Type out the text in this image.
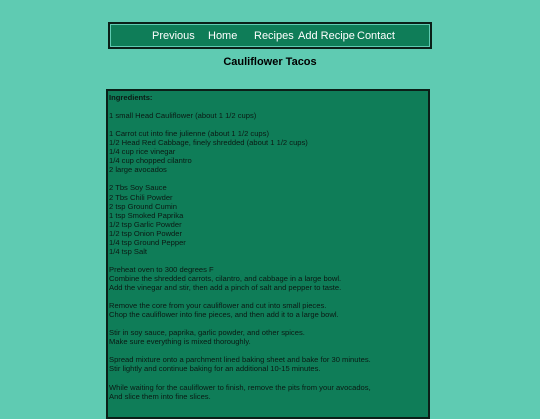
Previous Home Recipes Add Recipe Contact
Cauliflower Tacos
Ingredients:
1 small Head Cauliflower (about 1 1/2 cups)
1 Carrot cut into fine julienne (about 1 1/2 cups)
1/2 Head Red Cabbage, finely shredded (about 1 1/2 cups)
1/4 cup rice vinegar
1/4 cup chopped cilantro
2 large avocados
2 Tbs Soy Sauce
2 Tbs Chili Powder
2 tsp Ground Cumin
1 tsp Smoked Paprika
1/2 tsp Garlic Powder
1/2 tsp Onion Powder
1/4 tsp Ground Pepper
1/4 tsp Salt
Preheat oven to 300 degrees F
Combine the shredded carrots, cilantro, and cabbage in a large bowl.
Add the vinegar and stir, then add a pinch of salt and pepper to taste.
Remove the core from your cauliflower and cut into small pieces.
Chop the cauliflower into fine pieces, and then add it to a large bowl.
Stir in soy sauce, paprika, garlic powder, and other spices.
Make sure everything is mixed thoroughly.
Spread mixture onto a parchment lined baking sheet and bake for 30 minutes.
Stir lightly and continue baking for an additional 10-15 minutes.
While waiting for the cauliflower to finish, remove the pits from your avocados,
And slice them into fine slices.
